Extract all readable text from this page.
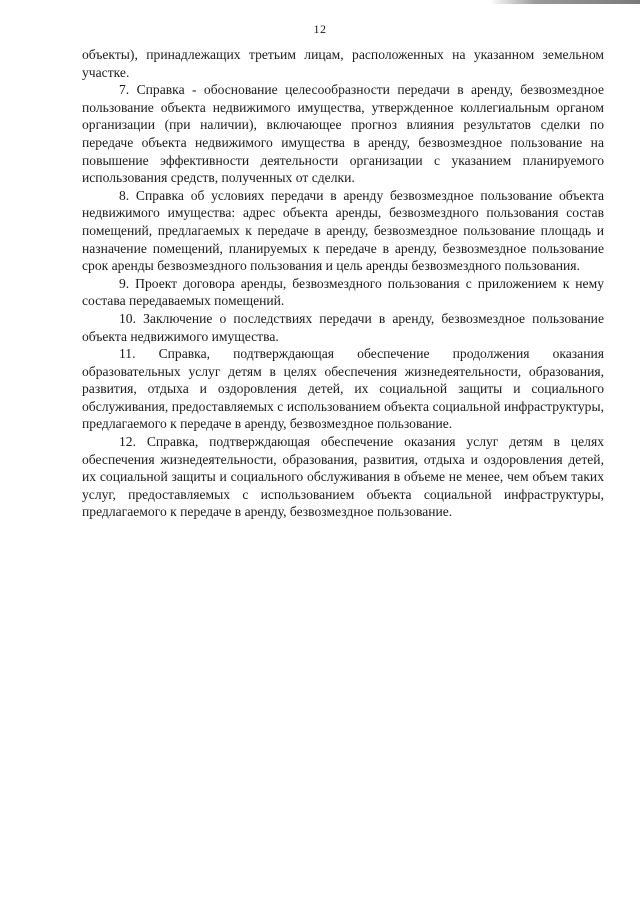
12

объекты), принадлежащих третьим лицам, расположенных на указанном земельном участке.

7. Справка - обоснование целесообразности передачи в аренду, безвозмездное пользование объекта недвижимого имущества, утвержденное коллегиальным органом организации (при наличии), включающее прогноз влияния результатов сделки по передаче объекта недвижимого имущества в аренду, безвозмездное пользование на повышение эффективности деятельности организации с указанием планируемого использования средств, полученных от сделки.

8. Справка об условиях передачи в аренду безвозмездное пользование объекта недвижимого имущества: адрес объекта аренды, безвозмездного пользования состав помещений, предлагаемых к передаче в аренду, безвозмездное пользование площадь и назначение помещений, планируемых к передаче в аренду, безвозмездное пользование срок аренды безвозмездного пользования и цель аренды безвозмездного пользования.

9. Проект договора аренды, безвозмездного пользования с приложением к нему состава передаваемых помещений.

10. Заключение о последствиях передачи в аренду, безвозмездное пользование объекта недвижимого имущества.

11. Справка, подтверждающая обеспечение продолжения оказания образовательных услуг детям в целях обеспечения жизнедеятельности, образования, развития, отдыха и оздоровления детей, их социальной защиты и социального обслуживания, предоставляемых с использованием объекта социальной инфраструктуры, предлагаемого к передаче в аренду, безвозмездное пользование.

12. Справка, подтверждающая обеспечение оказания услуг детям в целях обеспечения жизнедеятельности, образования, развития, отдыха и оздоровления детей, их социальной защиты и социального обслуживания в объеме не менее, чем объем таких услуг, предоставляемых с использованием объекта социальной инфраструктуры, предлагаемого к передаче в аренду, безвозмездное пользование.
